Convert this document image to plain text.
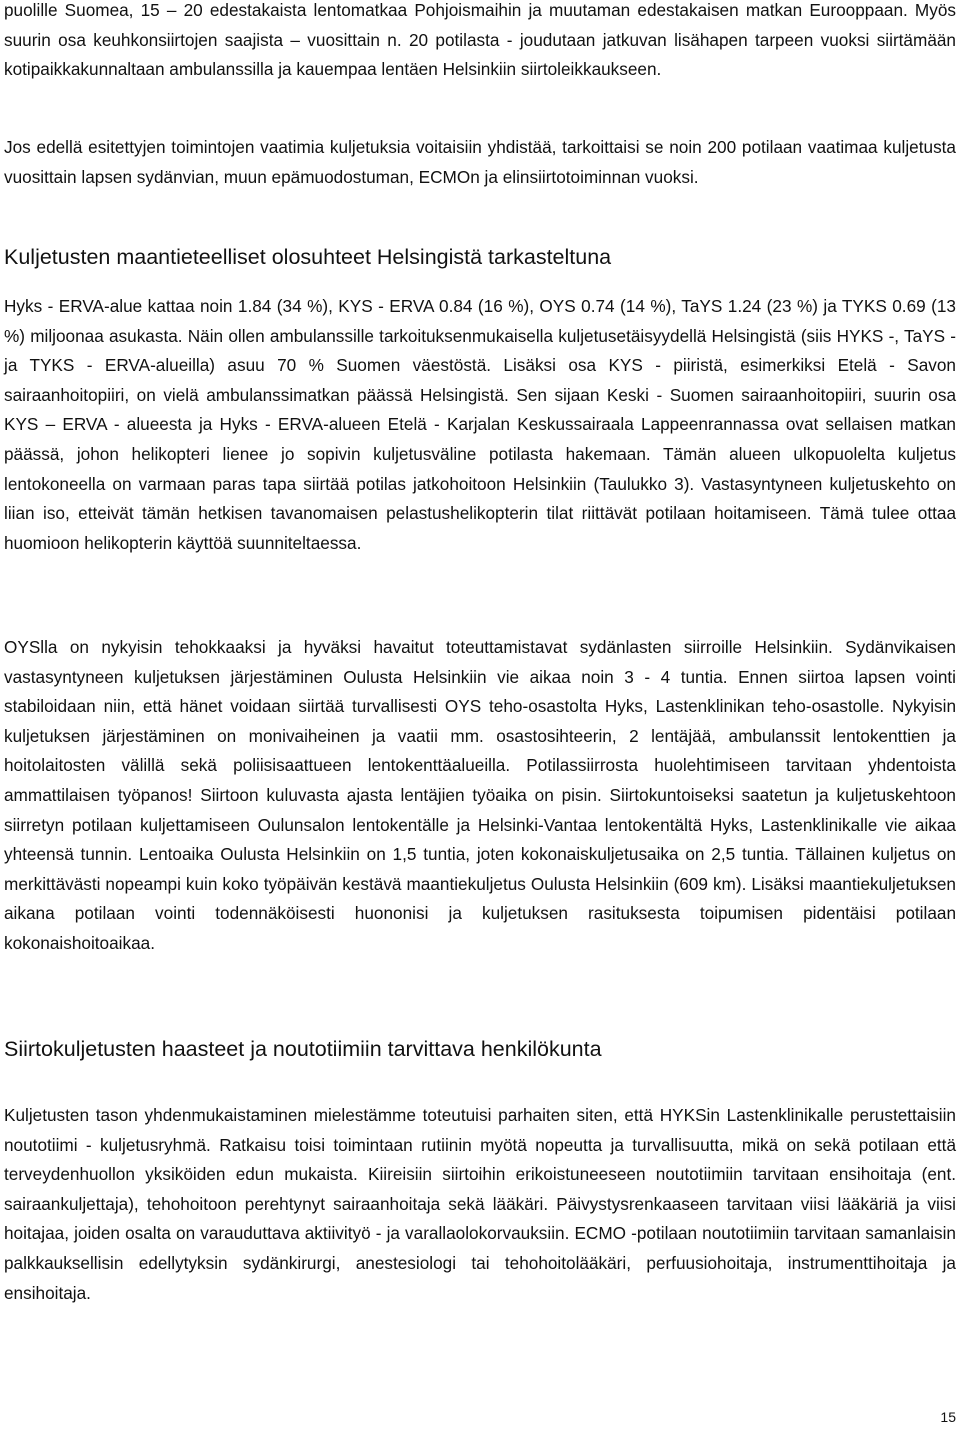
puolille Suomea, 15 – 20 edestakaista lentomatkaa Pohjoismaihin ja muutaman edestakaisen matkan Eurooppaan. Myös suurin osa keuhkonsiirtojen saajista – vuosittain n. 20 potilasta - joudutaan jatkuvan lisähapen tarpeen vuoksi siirtämään kotipaikkakunnaltaan ambulanssilla ja kauempaa lentäen Helsinkiin siirtoleikkaukseen.

Jos edellä esitettyjen toimintojen vaatimia kuljetuksia voitaisiin yhdistää, tarkoittaisi se noin 200 potilaan vaatimaa kuljetusta vuosittain lapsen sydänvian, muun epämuodostuman, ECMOn ja elinsiirtotoiminnan vuoksi.

Kuljetusten maantieteelliset olosuhteet Helsingistä tarkasteltuna

Hyks - ERVA-alue kattaa noin 1.84 (34 %), KYS - ERVA 0.84 (16 %), OYS 0.74 (14 %), TaYS 1.24 (23 %) ja TYKS 0.69 (13 %) miljoonaa asukasta. Näin ollen ambulanssille tarkoituksenmukaisella kuljetusetäisyydellä Helsingistä (siis HYKS -, TaYS - ja TYKS - ERVA-alueilla) asuu 70 % Suomen väestöstä. Lisäksi osa KYS - piiristä, esimerkiksi Etelä - Savon sairaanhoitopiiri, on vielä ambulanssimatkan päässä Helsingistä. Sen sijaan Keski - Suomen sairaanhoitopiiri, suurin osa KYS – ERVA - alueesta ja Hyks - ERVA-alueen Etelä - Karjalan Keskussairaala Lappeenrannassa ovat sellaisen matkan päässä, johon helikopteri lienee jo sopivin kuljetusväline potilasta hakemaan. Tämän alueen ulkopuolelta kuljetus lentokoneella on varmaan paras tapa siirtää potilas jatkohoitoon Helsinkiin (Taulukko 3). Vastasyntyneen kuljetuskehto on liian iso, etteivät tämän hetkisen tavanomaisen pelastushelikopterin tilat riittävät potilaan hoitamiseen. Tämä tulee ottaa huomioon helikopterin käyttöä suunniteltaessa.

OYSlla on nykyisin tehokkaaksi ja hyväksi havaitut toteuttamistavat sydänlasten siirroille Helsinkiin. Sydänvikaisen vastasyntyneen kuljetuksen järjestäminen Oulusta Helsinkiin vie aikaa noin 3 - 4 tuntia. Ennen siirtoa lapsen vointi stabiloidaan niin, että hänet voidaan siirtää turvallisesti OYS teho-osastolta Hyks, Lastenklinikan teho-osastolle. Nykyisin kuljetuksen järjestäminen on monivaiheinen ja vaatii mm. osastosihteerin, 2 lentäjää, ambulanssit lentokenttien ja hoitolaitosten välillä sekä poliisisaattueen lentokenttäalueilla. Potilassiirrosta huolehtimiseen tarvitaan yhdentoista ammattilaisen työpanos! Siirtoon kuluvasta ajasta lentäjien työaika on pisin. Siirtokuntoiseksi saatetun ja kuljetuskehtoon siirretyn potilaan kuljettamiseen Oulunsalon lentokentälle ja Helsinki-Vantaa lentokentältä Hyks, Lastenklinikalle vie aikaa yhteensä tunnin. Lentoaika Oulusta Helsinkiin on 1,5 tuntia, joten kokonaiskuljetusaika on 2,5 tuntia. Tällainen kuljetus on merkittävästi nopeampi kuin koko työpäivän kestävä maantiekuljetus Oulusta Helsinkiin (609 km). Lisäksi maantiekuljetuksen aikana potilaan vointi todennäköisesti huononisi ja kuljetuksen rasituksesta toipumisen pidentäisi potilaan kokonaishoitoaikaa.

Siirtokuljetusten haasteet ja noutotiimiin tarvittava henkilökunta

Kuljetusten tason yhdenmukaistaminen mielestämme toteutuisi parhaiten siten, että HYKSin Lastenklinikalle perustettaisiin noutotiimi - kuljetusryhmä. Ratkaisu toisi toimintaan rutiinin myötä nopeutta ja turvallisuutta, mikä on sekä potilaan että terveydenhuollon yksiköiden edun mukaista. Kiireisiin siirtoihin erikoistuneeseen noutotiimiin tarvitaan ensihoitaja (ent. sairaankuljettaja), tehohoitoon perehtynyt sairaanhoitaja sekä lääkäri. Päivystysrenkaaseen tarvitaan viisi lääkäriä ja viisi hoitajaa, joiden osalta on varauduttava aktiivityö - ja varallaolokorvauksiin. ECMO -potilaan noutotiimiin tarvitaan samanlaisin palkkauksellisin edellytyksin sydänkirurgi, anestesiologi tai tehohoitolääkäri, perfuusiohoitaja, instrumenttihoitaja ja ensihoitaja.

15
